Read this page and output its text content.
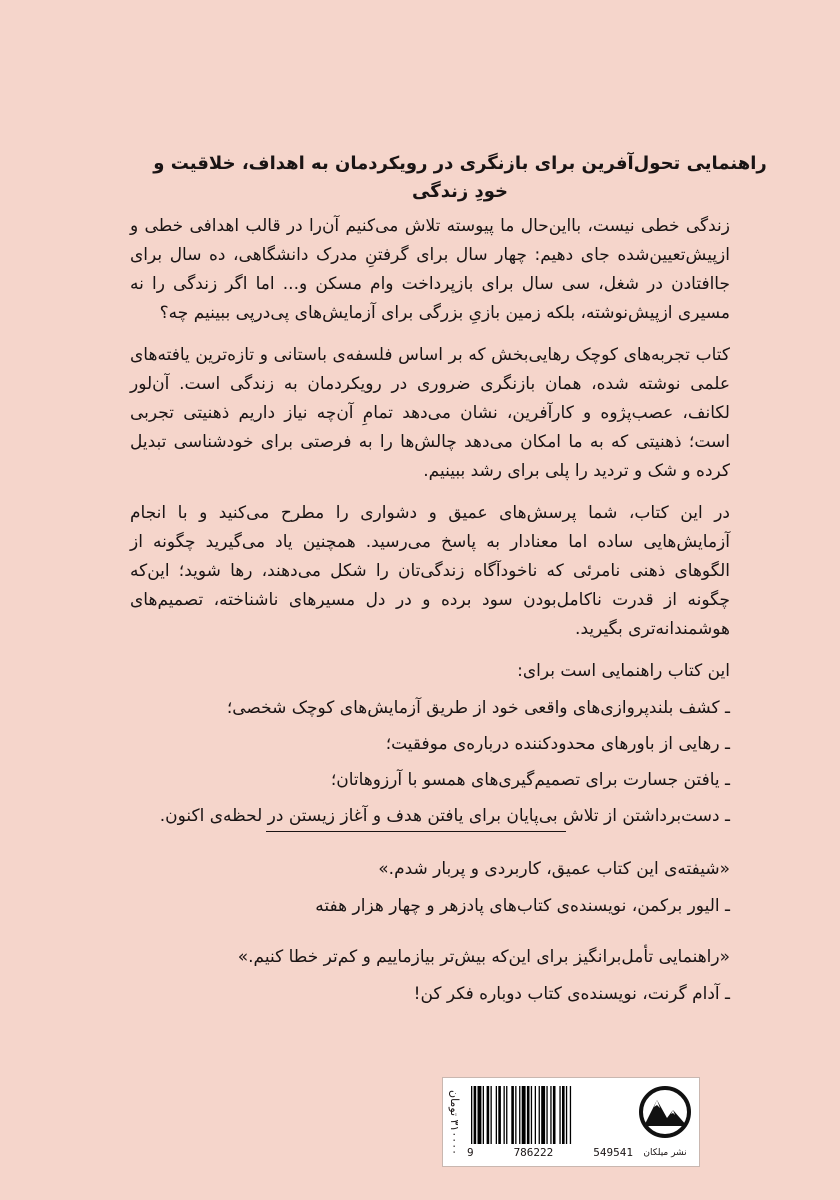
راهنمایی تحول‌آفرین برای بازنگری در رویکردمان به اهداف، خلاقیت و خودِ زندگی

زندگی خطی نیست، بااین‌حال ما پیوسته تلاش می‌کنیم آن‌را در قالب اهدافی خطی و ازپیش‌تعیین‌شده جای دهیم: چهار سال برای گرفتنِ مدرک دانشگاهی، ده سال برای جاافتادن در شغل، سی سال برای بازپرداخت وام مسکن و... اما اگر زندگی را نه مسیری ازپیش‌نوشته، بلکه زمین بازیِ بزرگی برای آزمایش‌های پی‌درپی ببینیم چه؟

کتاب تجربه‌های کوچک رهایی‌بخش که بر اساس فلسفه‌ی باستانی و تازه‌ترین یافته‌های علمی نوشته شده، همان بازنگری ضروری در رویکردمان به زندگی است. آن‌لور لکانف، عصب‌پژوه و کارآفرین، نشان می‌دهد تمامِ آن‌چه نیاز داریم ذهنیتی تجربی است؛ ذهنیتی که به ما امکان می‌دهد چالش‌ها را به فرصتی برای خودشناسی تبدیل کرده و شک و تردید را پلی برای رشد ببینیم.

در این کتاب، شما پرسش‌های عمیق و دشواری را مطرح می‌کنید و با انجام آزمایش‌هایی ساده اما معنادار به پاسخ می‌رسید. همچنین یاد می‌گیرید چگونه از الگوهای ذهنی نامرئی که ناخودآگاه زندگی‌تان را شکل می‌دهند، رها شوید؛ این‌که چگونه از قدرت ناکامل‌بودن سود برده و در دل مسیرهای ناشناخته، تصمیم‌های هوشمندانه‌تری بگیرید.

این کتاب راهنمایی است برای:
ـ کشف بلندپروازی‌های واقعی خود از طریق آزمایش‌های کوچک شخصی؛
ـ رهایی از باورهای محدودکننده درباره‌ی موفقیت؛
ـ یافتن جسارت برای تصمیم‌گیری‌های همسو با آرزوهاتان؛
ـ دست‌برداشتن از تلاش بی‌پایان برای یافتن هدف و آغاز زیستن در لحظه‌ی اکنون.
«شیفته‌ی این کتاب عمیق، کاربردی و پربار شدم.»
ـ الیور برکمن، نویسنده‌ی کتاب‌های پادزهر و چهار هزار هفته
«راهنمایی تأمل‌برانگیز برای این‌که بیش‌تر بیازماییم و کم‌تر خطا کنیم.»
ـ آدام گرنت، نویسنده‌ی کتاب دوباره فکر کن!
۳۱۰۰۰۰ تومان 9	786222	549541	نشر میلکان
